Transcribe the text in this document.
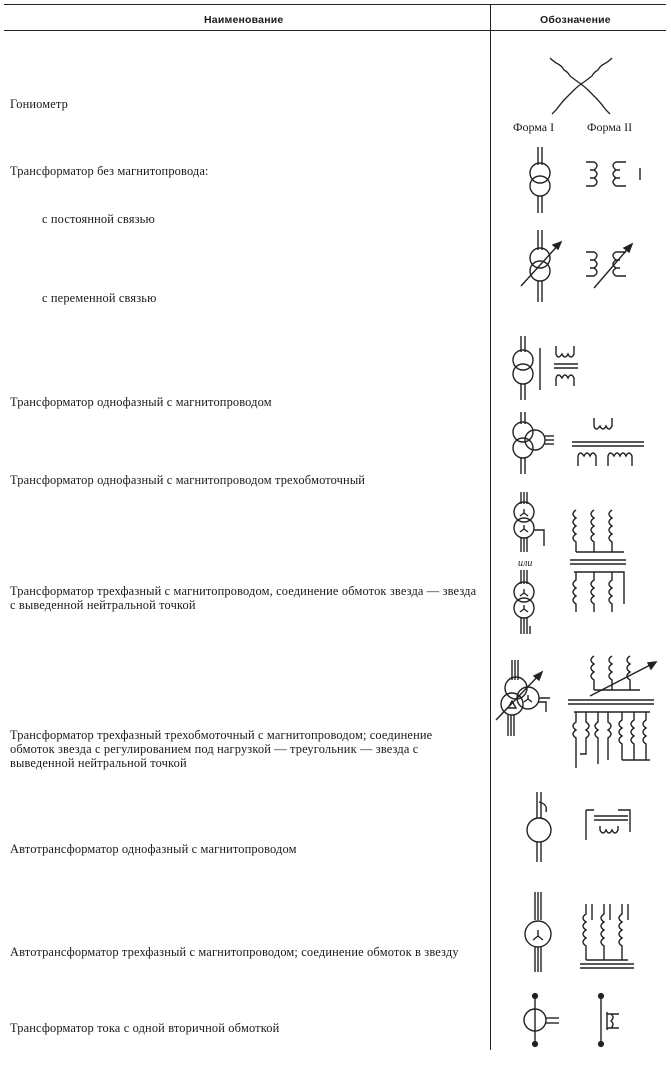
Наименование	Обозначение
Гониометр
Трансформатор без магнитопровода:
с постоянной связью
с переменной связью
Трансформатор однофазный с магнитопроводом
Трансформатор однофазный с магнитопроводом трехобмоточный
Трансформатор трехфазный с магнитопроводом, соединение обмоток звезда — звезда с выведенной нейтральной точкой
Трансформатор трехфазный трехобмоточный с магнитопроводом; соединение обмоток звезда с регулированием под нагрузкой — треугольник — звезда с выведенной нейтральной точкой
Автотрансформатор однофазный с магнитопроводом
Автотрансформатор трехфазный с магнитопроводом; соединение обмоток в звезду
Трансформатор тока с одной вторичной обмоткой
Форма I	Форма II
или
